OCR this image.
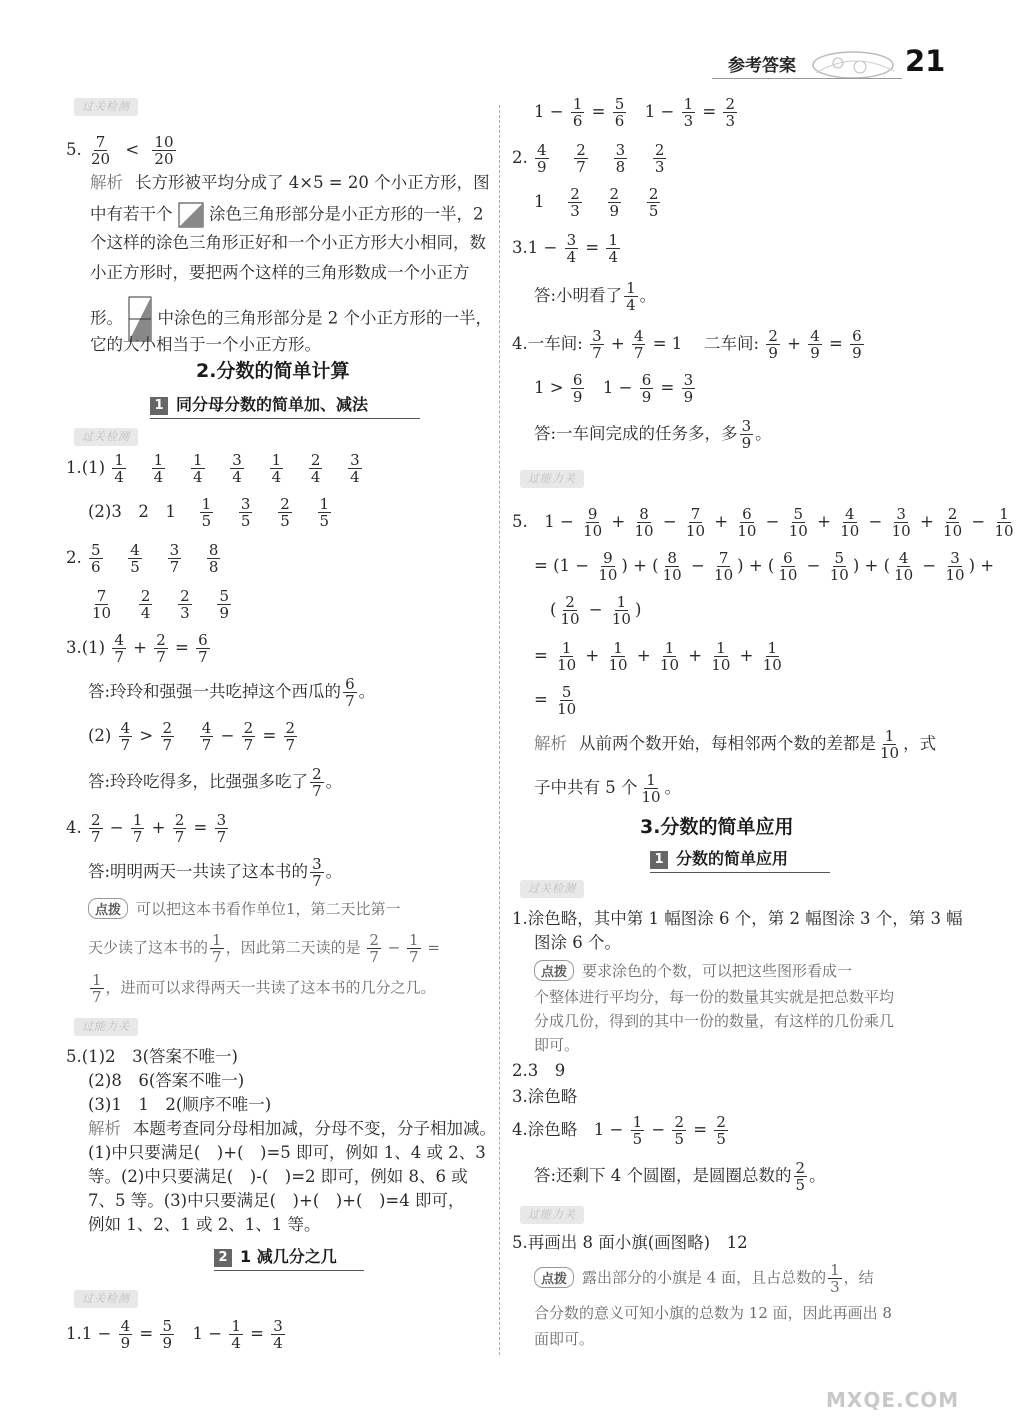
参考答案	21
过关检测
5. $\frac{7}{20} < \frac{10}{20}$
解析 长方形被平均分成了 4×5 = 20 个小正方形，图
中有若干个 涂色三角形部分是小正方形的一半，2
个这样的涂色三角形正好和一个小正方形大小相同，数
小正方形时，要把两个这样的三角形数成一个小正方
形。 中涂色的三角形部分是 2 个小正方形的一半，
它的大小相当于一个小正方形。
2.分数的简单计算
1 同分母分数的简单加、减法
过关检测
$1.(1) \frac{1}{4}$
  $\frac{1}{4}$
  $\frac{1}{4}$
  $\frac{3}{4}$
  $\frac{1}{4}$
  $\frac{2}{4}$
  $\frac{3}{4}$
(2)3　2　1  $\frac{1}{5}$
  $\frac{3}{5}$
  $\frac{2}{5}$
  $\frac{1}{5}$
2. $\frac{5}{6}$
  $\frac{4}{5}$
  $\frac{3}{7}$
  $\frac{8}{8}$
$\frac{7}{10}$
  $\frac{2}{4}$
  $\frac{2}{3}$
  $\frac{5}{9}$
$3.(1) \frac{4}{7} + \frac{2}{7} = \frac{6}{7}$
答:玲玲和强强一共吃掉这个西瓜的 $\frac{6}{7}$ 。
$(2) \frac{4}{7} > \frac{2}{7}$
  $\frac{4}{7} - \frac{2}{7} = \frac{2}{7}$
答:玲玲吃得多，比强强多吃了 $\frac{2}{7}$ 。
4. $\frac{2}{7} - \frac{1}{7} + \frac{2}{7} = \frac{3}{7}$
答:明明两天一共读了这本书的 $\frac{3}{7}$ 。
点拨 可以把这本书看作单位1，第二天比第一
天少读了这本书的 $\frac{1}{7}$ ，因此第二天读的是 $\frac{2}{7} - \frac{1}{7}$ =
$\frac{1}{7}$ ，进而可以求得两天一共读了这本书的几分之几。
过能力关
5.(1)2　3(答案不唯一)
(2)8　6(答案不唯一)
(3)1　1　2(顺序不唯一)
解析 本题考查同分母相加减，分母不变，分子相加减。
(1)中只要满足(　)+(　)=5 即可，例如 1、4 或 2、3
等。(2)中只要满足(　)-(　)=2 即可，例如 8、6 或
7、5 等。(3)中只要满足(　)+(　)+(　)=4 即可，
例如 1、2、1 或 2、1、1 等。
2 1 减几分之几
过关检测
$1.1 - \frac{4}{9} = \frac{5}{9}$  $1 - \frac{1}{4} = \frac{3}{4}$
$1 - \frac{1}{6} = \frac{5}{6}$  $1 - \frac{1}{3} = \frac{2}{3}$
2. $\frac{4}{9}$
  $\frac{2}{7}$
  $\frac{3}{8}$
  $\frac{2}{3}$
1  $\frac{2}{3}$
  $\frac{2}{9}$
  $\frac{2}{5}$
$3.1 - \frac{3}{4} = \frac{1}{4}$
答:小明看了 $\frac{1}{4}$ 。
4.一车间: $\frac{3}{7} + \frac{4}{7} = 1$  二车间: $\frac{2}{9} + \frac{4}{9} = \frac{6}{9}$
$1 > \frac{6}{9}$  $1 - \frac{6}{9} = \frac{3}{9}$
答:一车间完成的任务多，多 $\frac{3}{9}$ 。
过能力关
5. $1 - \frac{9}{10} + \frac{8}{10} - \frac{7}{10} + \frac{6}{10} - \frac{5}{10} + \frac{4}{10} - \frac{3}{10} + \frac{2}{10} - \frac{1}{10}$
= ($1 - \frac{9}{10}$ ) + ( $\frac{8}{10} - \frac{7}{10}$ ) + ( $\frac{6}{10} - \frac{5}{10}$ ) + ( $\frac{4}{10} - \frac{3}{10}$ ) +
( $\frac{2}{10} - \frac{1}{10}$ )
= $\frac{1}{10} + \frac{1}{10} + \frac{1}{10} + \frac{1}{10} + \frac{1}{10}$
= $\frac{5}{10}$
解析 从前两个数开始，每相邻两个数的差都是 $\frac{1}{10}$ ，式
子中共有 5 个 $\frac{1}{10}$ 。
3.分数的简单应用
1 分数的简单应用
过关检测
1.涂色略，其中第 1 幅图涂 6 个，第 2 幅图涂 3 个，第 3 幅
图涂 6 个。
点拨 要求涂色的个数，可以把这些图形看成一
个整体进行平均分，每一份的数量其实就是把总数平均
分成几份，得到的其中一份的数量，有这样的几份乘几
即可。
2.3　9
3.涂色略
4.涂色略 $1 - \frac{1}{5} - \frac{2}{5} = \frac{2}{5}$
答:还剩下 4 个圆圈，是圆圈总数的 $\frac{2}{5}$ 。
过能力关
5.再画出 8 面小旗(画图略)　12
点拨 露出部分的小旗是 4 面，且占总数的 $\frac{1}{3}$ ，结
合分数的意义可知小旗的总数为 12 面，因此再画出 8
面即可。
MXQE.COM
